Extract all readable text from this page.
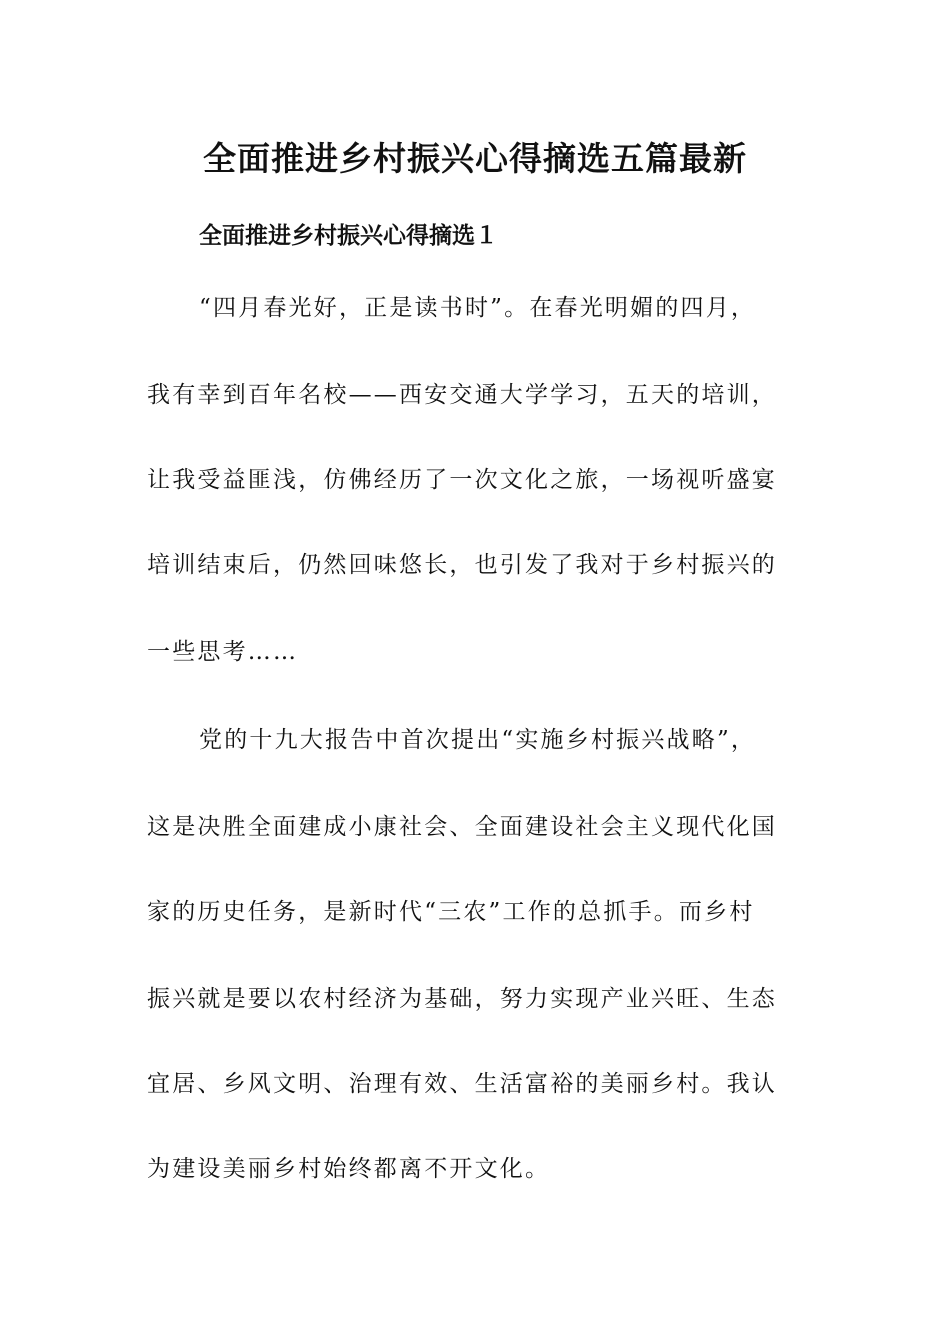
全面推进乡村振兴心得摘选五篇最新
全面推进乡村振兴心得摘选１
“四月春光好，正是读书时”。在春光明媚的四月，
我有幸到百年名校——西安交通大学学习，五天的培训，
让我受益匪浅，仿佛经历了一次文化之旅，一场视听盛宴
培训结束后，仍然回味悠长，也引发了我对于乡村振兴的
一些思考……
党的十九大报告中首次提出“实施乡村振兴战略”，
这是决胜全面建成小康社会、全面建设社会主义现代化国
家的历史任务，是新时代“三农”工作的总抓手。而乡村
振兴就是要以农村经济为基础，努力实现产业兴旺、生态
宜居、乡风文明、治理有效、生活富裕的美丽乡村。我认
为建设美丽乡村始终都离不开文化。
